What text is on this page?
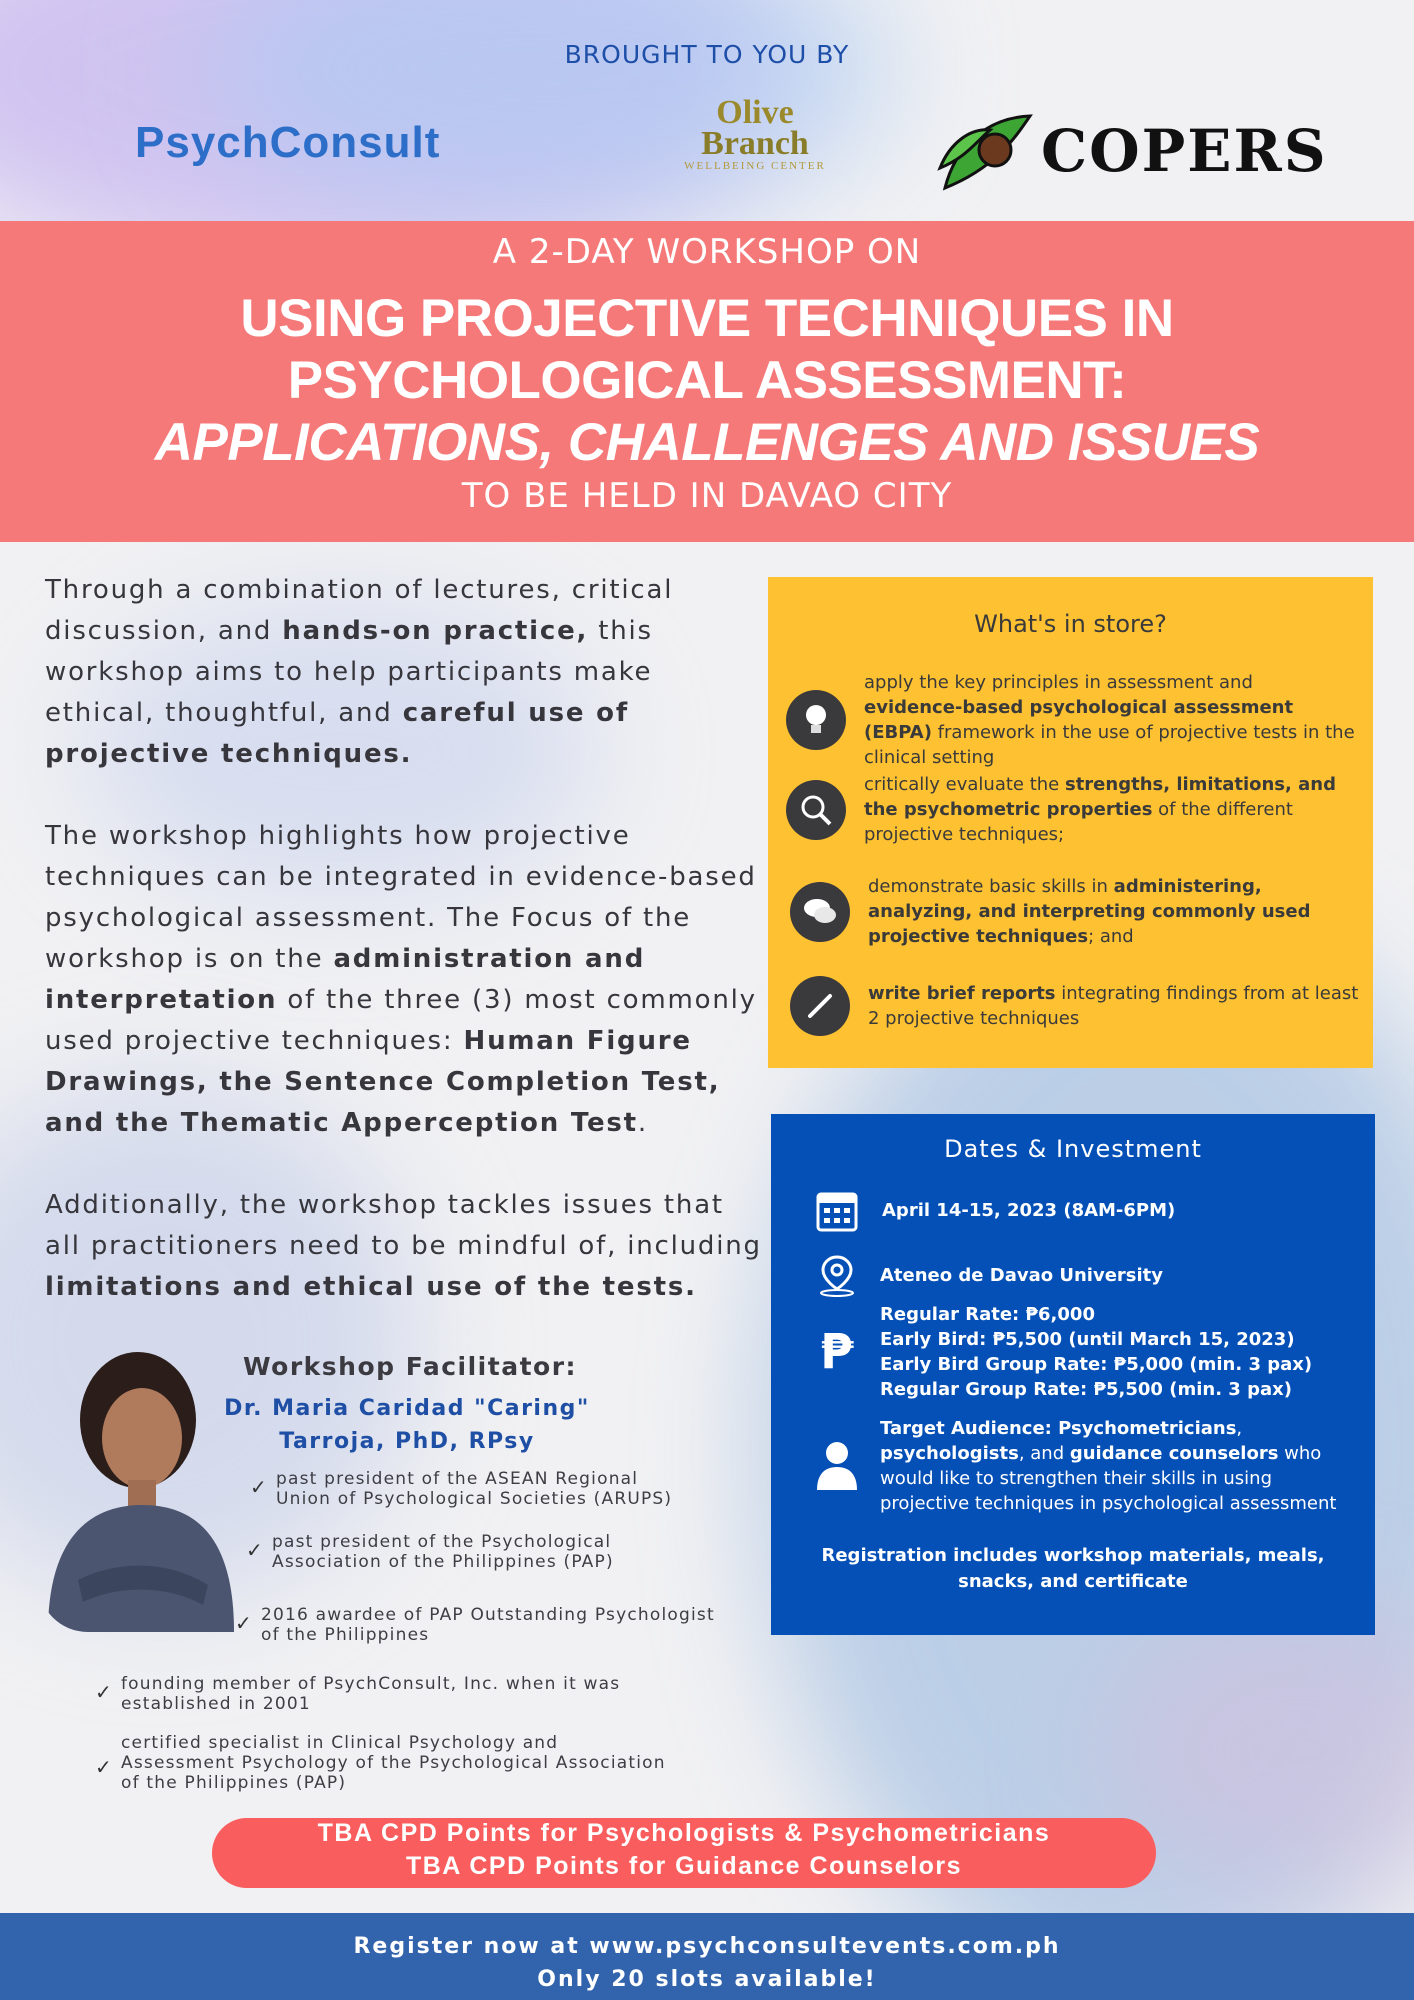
BROUGHT TO YOU BY
PsychConsult
Olive
Branch
WELLBEING CENTER	COPERS
A 2-DAY WORKSHOP ON
USING PROJECTIVE TECHNIQUES IN
PSYCHOLOGICAL ASSESSMENT:
APPLICATIONS, CHALLENGES AND ISSUES
TO BE HELD IN DAVAO CITY

Through a combination of lectures, critical discussion, and hands-on practice, this workshop aims to help participants make ethical, thoughtful, and careful use of projective techniques.

The workshop highlights how projective techniques can be integrated in evidence-based psychological assessment. The Focus of the workshop is on the administration and interpretation of the three (3) most commonly used projective techniques: Human Figure Drawings, the Sentence Completion Test, and the Thematic Apperception Test.

Additionally, the workshop tackles issues that all practitioners need to be mindful of, including limitations and ethical use of the tests.

Workshop Facilitator:
Dr. Maria Caridad "Caring"
Tarroja, PhD, RPsy
✓ past president of the ASEAN Regional Union of Psychological Societies (ARUPS)
✓ past president of the Psychological Association of the Philippines (PAP)
✓ 2016 awardee of PAP Outstanding Psychologist of the Philippines
✓ founding member of PsychConsult, Inc. when it was established in 2001
✓
certified specialist in Clinical Psychology and Assessment Psychology of the Psychological Association of the Philippines (PAP)
What's in store?
apply the key principles in assessment and evidence-based psychological assessment (EBPA) framework in the use of projective tests in the clinical setting
critically evaluate the strengths, limitations, and the psychometric properties of the different projective techniques;
demonstrate basic skills in administering, analyzing, and interpreting commonly used projective techniques; and
write brief reports integrating findings from at least 2 projective techniques
Dates & Investment
April 14-15, 2023 (8AM-6PM)
Ateneo de Davao University
₱
Regular Rate: ₱6,000
Early Bird: ₱5,500 (until March 15, 2023)
Early Bird Group Rate: ₱5,000 (min. 3 pax)
Regular Group Rate: ₱5,500 (min. 3 pax)
Target Audience: Psychometricians, psychologists, and guidance counselors who would like to strengthen their skills in using projective techniques in psychological assessment
Registration includes workshop materials, meals, snacks, and certificate
TBA CPD Points for Psychologists & Psychometricians
TBA CPD Points for Guidance Counselors
Register now at www.psychconsultevents.com.ph
Only 20 slots available!
